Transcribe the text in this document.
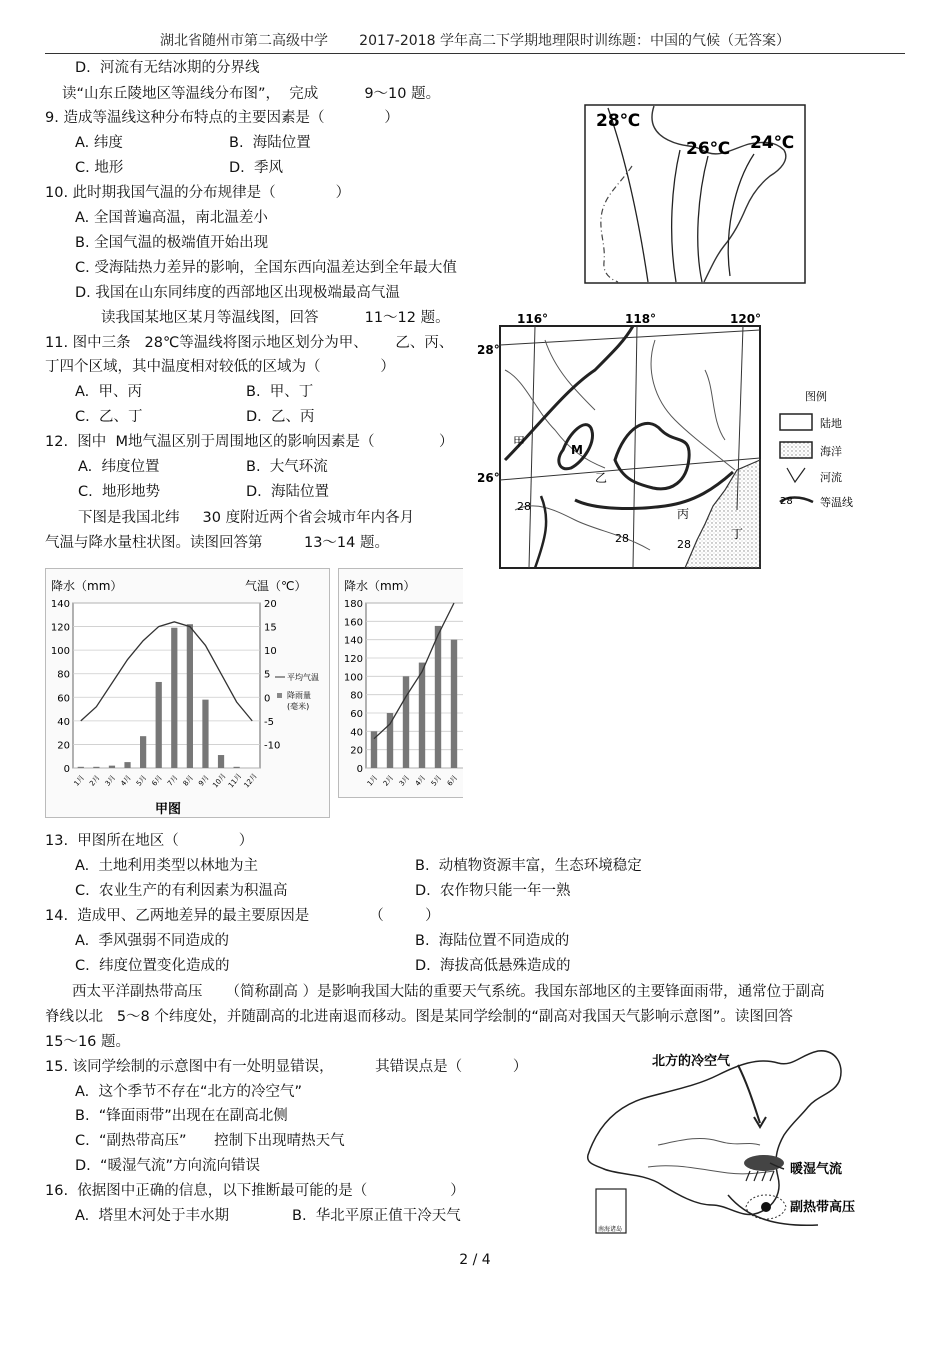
湖北省随州市第二高级中学       2017-2018 学年高二下学期地理限时训练题：中国的气候（无答案）
D.  河流有无结冰期的分界线
读“山东丘陵地区等温线分布图”，  完成          9～10 题。
9. 造成等温线这种分布特点的主要因素是（             ）
A. 纬度	B.  海陆位置
C. 地形	D.  季风
10. 此时期我国气温的分布规律是（             ）
A. 全国普遍高温，南北温差小
B. 全国气温的极端值开始出现
C. 受海陆热力差异的影响，全国东西向温差达到全年最大值
D. 我国在山东同纬度的西部地区出现极端最高气温
读我国某地区某月等温线图，回答          11～12 题。
11. 图中三条   28℃等温线将图示地区划分为甲、      乙、丙、
丁四个区域，其中温度相对较低的区域为（             ）
A.  甲、丙	B.  甲、丁
C.  乙、丁	D.  乙、丙
12.  图中  M地气温区别于周围地区的影响因素是（              ）
A.  纬度位置	B.  大气环流
C.  地形地势	D.  海陆位置
下图是我国北纬     30 度附近两个省会城市年内各月
气温与降水量柱状图。读图回答第         13～14 题。
13.  甲图所在地区（             ）
A.  土地利用类型以林地为主	B.  动植物资源丰富，生态环境稳定
C.  农业生产的有利因素为积温高	D.  农作物只能一年一熟
14.  造成甲、乙两地差异的最主要原因是             （         ）
A.  季风强弱不同造成的	B.  海陆位置不同造成的
C.  纬度位置变化造成的	D.  海拔高低悬殊造成的
西太平洋副热带高压     （简称副高 ）是影响我国大陆的重要天气系统。我国东部地区的主要锋面雨带，通常位于副高
脊线以北   5～8 个纬度处，并随副高的北进南退而移动。图是某同学绘制的“副高对我国天气影响示意图”。读图回答
15～16 题。
15. 该同学绘制的示意图中有一处明显错误，         其错误点是（           ）
A.  这个季节不存在“北方的冷空气”
B.  “锋面雨带”出现在在副高北侧
C.  “副热带高压”      控制下出现晴热天气
D.  “暖湿气流”方向流向错误
16.  依据图中正确的信息，以下推断最可能的是（                  ）
A.  塔里木河处于丰水期	B.  华北平原正值干冷天气
28℃
26℃ 24℃
116°	118°	120°
28°
26°
甲
乙
丙
丁
M
28
28	28
图例
陆地
海洋
河流
28 等温线
降水（mm）	气温（℃）
0
20
40
60
80
100
120
140
-10
-5
0
5
10
15
20
1月 2月 3月 4月 5月 6月 7月 8月 9月 10月 11月 12月
平均气温
降雨量
(毫米)
甲图
降水（mm）
0
20
40
60
80
100
120
140
160
180
1月 2月 3月 4月 5月 6月
南海诸岛
北方的冷空气
暖湿气流
副热带高压
2 / 4
